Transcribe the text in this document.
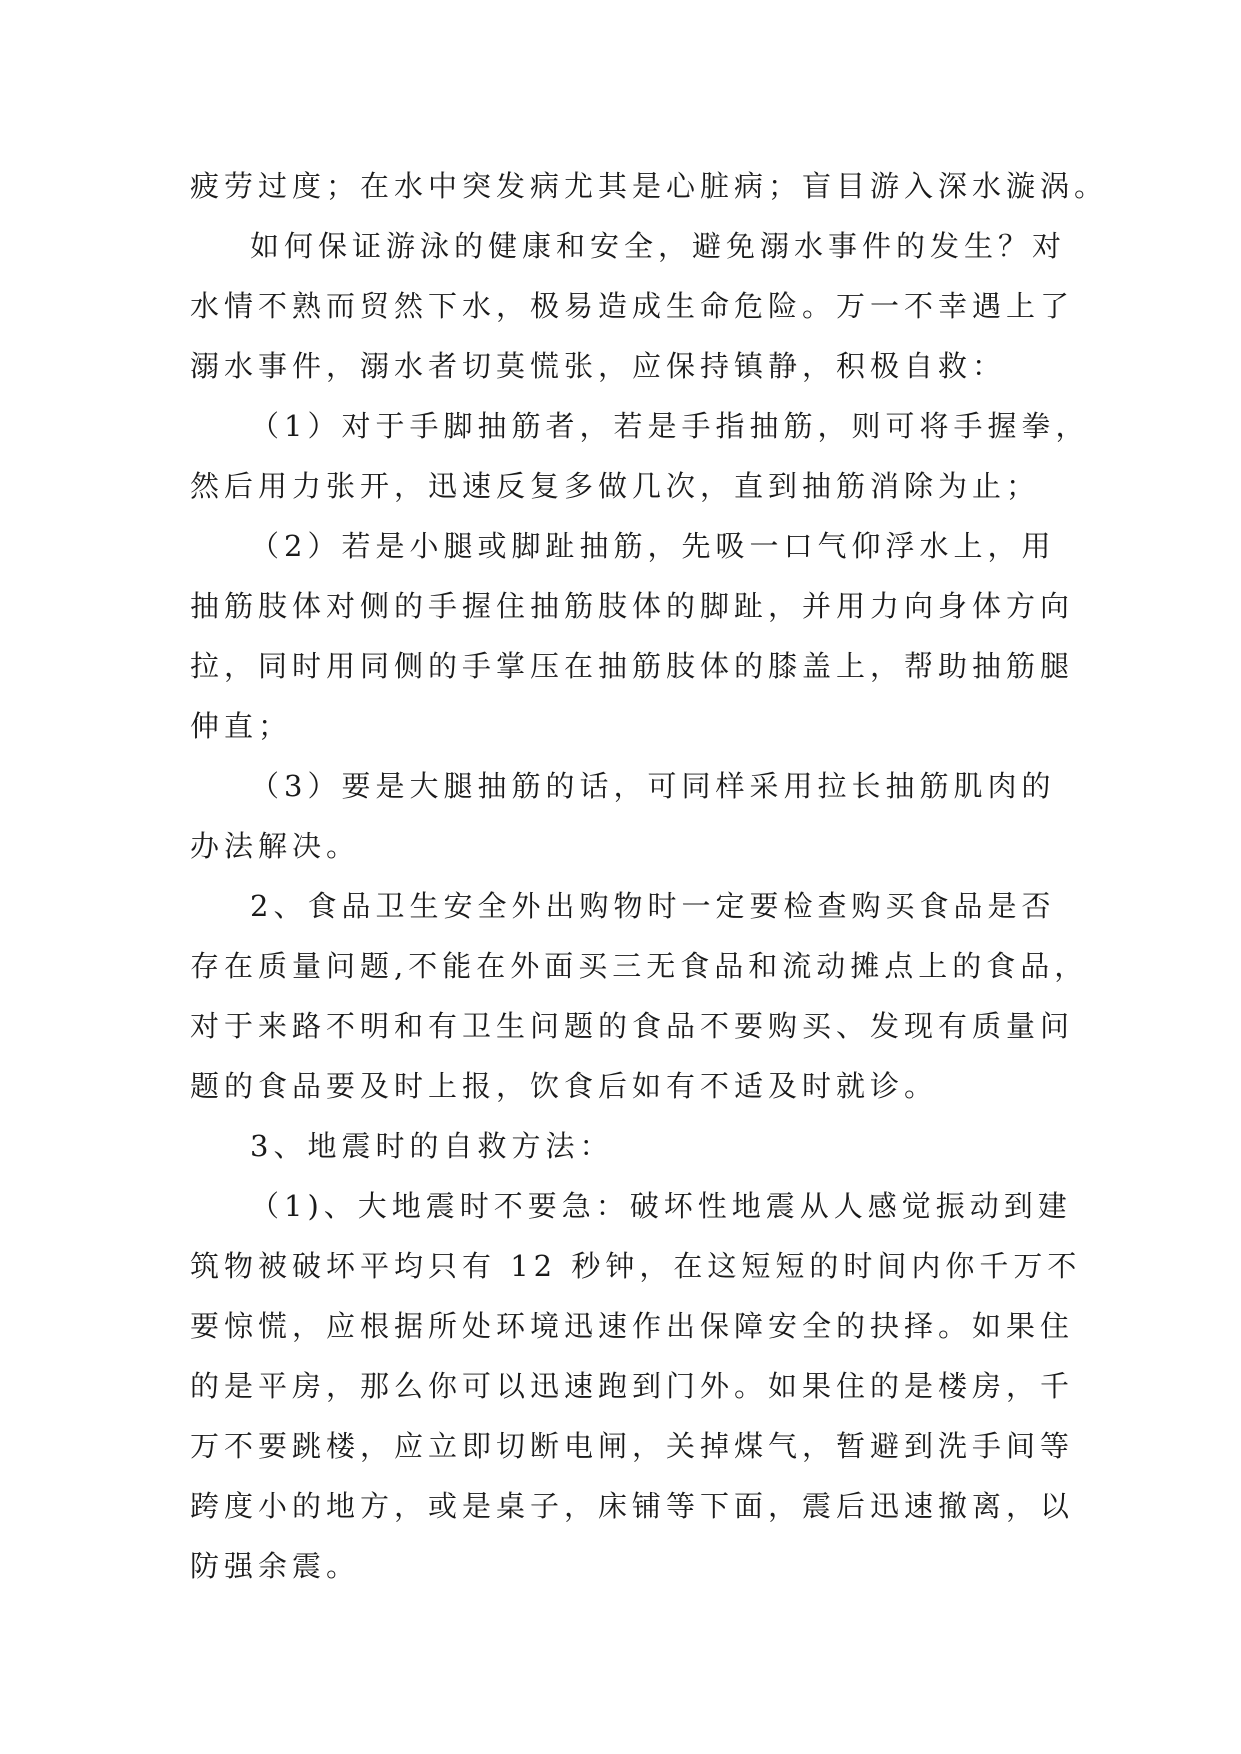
疲劳过度；在水中突发病尤其是心脏病；盲目游入深水漩涡。
如何保证游泳的健康和安全，避免溺水事件的发生？对
水情不熟而贸然下水，极易造成生命危险。万一不幸遇上了
溺水事件，溺水者切莫慌张，应保持镇静，积极自救：
（1）对于手脚抽筋者，若是手指抽筋，则可将手握拳，
然后用力张开，迅速反复多做几次，直到抽筋消除为止；
（2）若是小腿或脚趾抽筋，先吸一口气仰浮水上，用
抽筋肢体对侧的手握住抽筋肢体的脚趾，并用力向身体方向
拉，同时用同侧的手掌压在抽筋肢体的膝盖上，帮助抽筋腿
伸直；
（3）要是大腿抽筋的话，可同样采用拉长抽筋肌肉的
办法解决。
2、食品卫生安全外出购物时一定要检查购买食品是否
存在质量问题,不能在外面买三无食品和流动摊点上的食品，
对于来路不明和有卫生问题的食品不要购买、发现有质量问
题的食品要及时上报，饮食后如有不适及时就诊。
3、地震时的自救方法：
（1)、大地震时不要急：破坏性地震从人感觉振动到建
筑物被破坏平均只有 12 秒钟，在这短短的时间内你千万不
要惊慌，应根据所处环境迅速作出保障安全的抉择。如果住
的是平房，那么你可以迅速跑到门外。如果住的是楼房，千
万不要跳楼，应立即切断电闸，关掉煤气，暂避到洗手间等
跨度小的地方，或是桌子，床铺等下面，震后迅速撤离，以
防强余震。
